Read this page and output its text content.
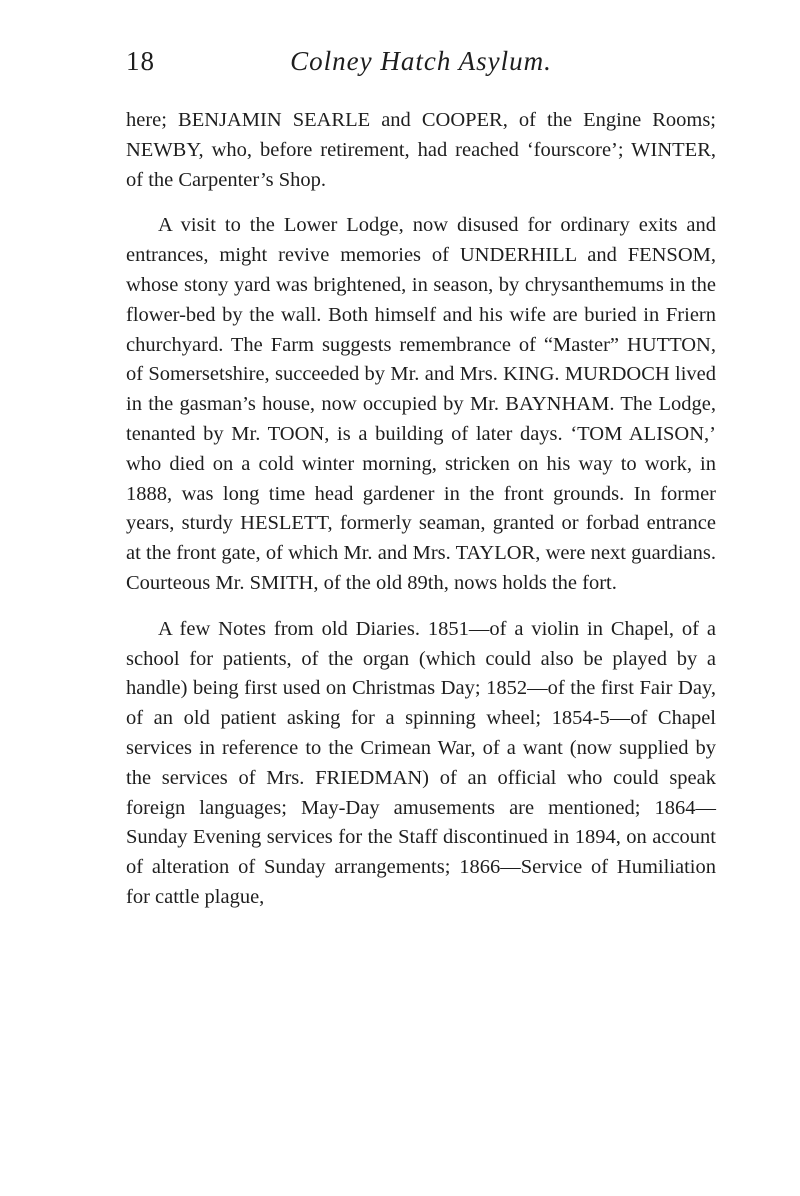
18	Colney Hatch Asylum.

here; BENJAMIN SEARLE and COOPER, of the Engine Rooms; NEWBY, who, before retirement, had reached ‘fourscore’; WINTER, of the Carpenter’s Shop.

A visit to the Lower Lodge, now disused for ordinary exits and entrances, might revive memories of UNDERHILL and FENSOM, whose stony yard was brightened, in season, by chrysanthemums in the flower-bed by the wall. Both himself and his wife are buried in Friern churchyard. The Farm suggests remembrance of “Master” HUTTON, of Somersetshire, succeeded by Mr. and Mrs. KING. MURDOCH lived in the gasman’s house, now occupied by Mr. BAYNHAM. The Lodge, tenanted by Mr. TOON, is a building of later days. ‘TOM ALISON,’ who died on a cold winter morning, stricken on his way to work, in 1888, was long time head gardener in the front grounds. In former years, sturdy HESLETT, formerly seaman, granted or forbad entrance at the front gate, of which Mr. and Mrs. TAYLOR, were next guardians. Courteous Mr. SMITH, of the old 89th, nows holds the fort.

A few Notes from old Diaries. 1851—of a violin in Chapel, of a school for patients, of the organ (which could also be played by a handle) being first used on Christmas Day; 1852—of the first Fair Day, of an old patient asking for a spinning wheel; 1854-5—of Chapel services in reference to the Crimean War, of a want (now supplied by the services of Mrs. FRIEDMAN) of an official who could speak foreign languages; May-Day amusements are mentioned; 1864—Sunday Evening services for the Staff discontinued in 1894, on account of alteration of Sunday arrangements; 1866—Service of Humiliation for cattle plague,
